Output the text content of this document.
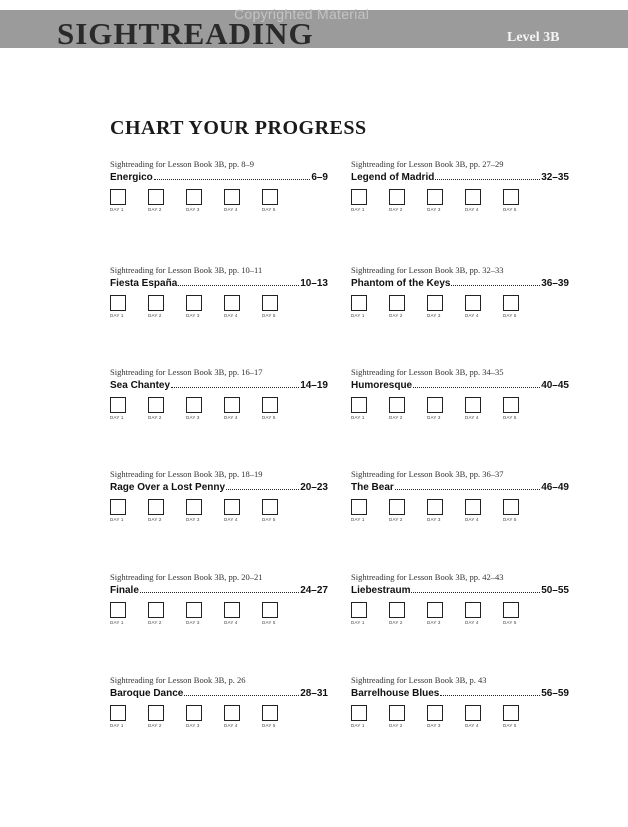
SIGHTREADING
Copyrighted Material
Level 3B
CHART YOUR PROGRESS
Sightreading for Lesson Book 3B, pp. 8–9
Energico	6–9
DAY 1	DAY 2	DAY 3	DAY 4	DAY 5
Sightreading for Lesson Book 3B, pp. 27–29
Legend of Madrid	32–35
DAY 1	DAY 2	DAY 3	DAY 4	DAY 5
Sightreading for Lesson Book 3B, pp. 10–11
Fiesta España	10–13
DAY 1	DAY 2	DAY 3	DAY 4	DAY 5
Sightreading for Lesson Book 3B, pp. 32–33
Phantom of the Keys	36–39
DAY 1	DAY 2	DAY 3	DAY 4	DAY 5
Sightreading for Lesson Book 3B, pp. 16–17
Sea Chantey	14–19
DAY 1	DAY 2	DAY 3	DAY 4	DAY 5
Sightreading for Lesson Book 3B, pp. 34–35
Humoresque	40–45
DAY 1	DAY 2	DAY 3	DAY 4	DAY 5
Sightreading for Lesson Book 3B, pp. 18–19
Rage Over a Lost Penny	20–23
DAY 1	DAY 2	DAY 3	DAY 4	DAY 5
Sightreading for Lesson Book 3B, pp. 36–37
The Bear	46–49
DAY 1	DAY 2	DAY 3	DAY 4	DAY 5
Sightreading for Lesson Book 3B, pp. 20–21
Finale	24–27
DAY 1	DAY 2	DAY 3	DAY 4	DAY 5
Sightreading for Lesson Book 3B, pp. 42–43
Liebestraum	50–55
DAY 1	DAY 2	DAY 3	DAY 4	DAY 5
Sightreading for Lesson Book 3B, p. 26
Baroque Dance	28–31
DAY 1	DAY 2	DAY 3	DAY 4	DAY 5
Sightreading for Lesson Book 3B, p. 43
Barrelhouse Blues	56–59
DAY 1	DAY 2	DAY 3	DAY 4	DAY 5
